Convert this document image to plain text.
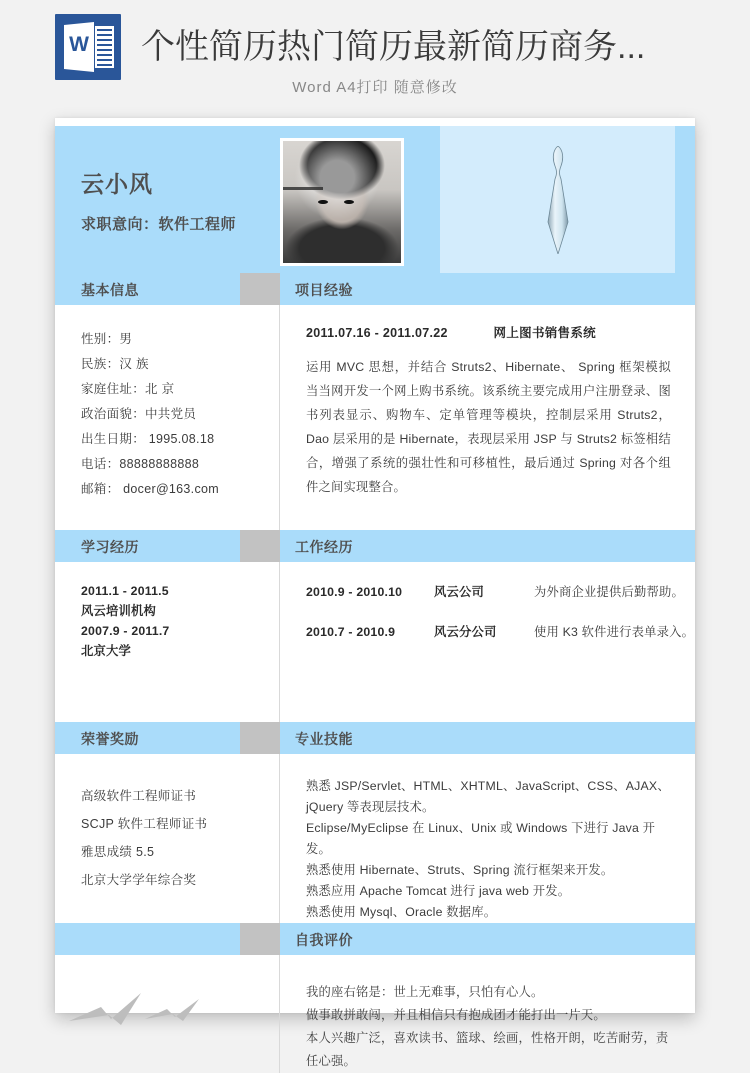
W 个性简历热门简历最新简历商务...
Word A4打印 随意修改
云小风
求职意向：软件工程师
基本信息	项目经验
性别：男
民族：汉 族
家庭住址：北 京
政治面貌：中共党员
出生日期： 1995.08.18
电话：88888888888
邮箱： docer@163.com
2011.07.16 - 2011.07.22	网上图书销售系统
运用 MVC 思想，并结合 Struts2、Hibernate、 Spring 框架模拟当当网开发一个网上购书系统。该系统主要完成用户注册登录、图书列表显示、购物车、定单管理等模块，控制层采用 Struts2，Dao 层采用的是 Hibernate，表现层采用 JSP 与 Struts2 标签相结合，增强了系统的强壮性和可移植性，最后通过 Spring 对各个组件之间实现整合。
学习经历	工作经历
2011.1 - 2011.5
风云培训机构
2007.9 - 2011.7
北京大学
2010.9 - 2010.10	风云公司	为外商企业提供后勤帮助。
2010.7 - 2010.9	风云分公司	使用 K3 软件进行表单录入。
荣誉奖励	专业技能
高级软件工程师证书
SCJP 软件工程师证书
雅思成绩 5.5
北京大学学年综合奖
熟悉 JSP/Servlet、HTML、XHTML、JavaScript、CSS、AJAX、jQuery 等表现层技术。
Eclipse/MyEclipse 在 Linux、Unix 或 Windows 下进行 Java 开发。
熟悉使用 Hibernate、Struts、Spring 流行框架来开发。
熟悉应用 Apache Tomcat 进行 java web 开发。
熟悉使用 Mysql、Oracle 数据库。
自我评价
我的座右铭是：世上无难事，只怕有心人。
做事敢拼敢闯，并且相信只有抱成团才能打出一片天。
本人兴趣广泛，喜欢读书、篮球、绘画，性格开朗，吃苦耐劳，责任心强。
